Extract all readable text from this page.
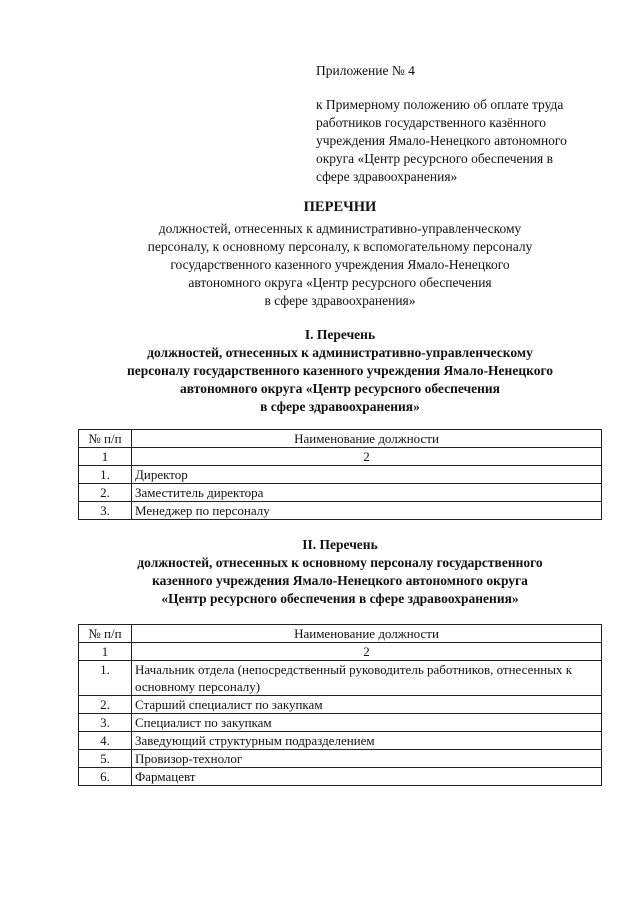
Приложение № 4
к Примерному положению об оплате труда
работников государственного казённого
учреждения Ямало-Ненецкого автономного
округа «Центр ресурсного обеспечения в
сфере здравоохранения»
ПЕРЕЧНИ
должностей, отнесенных к административно-управленческому
персоналу, к основному персоналу, к вспомогательному персоналу
государственного казенного учреждения Ямало-Ненецкого
автономного округа «Центр ресурсного обеспечения
в сфере здравоохранения»
I. Перечень
должностей, отнесенных к административно-управленческому
персоналу государственного казенного учреждения Ямало-Ненецкого
автономного округа «Центр ресурсного обеспечения
в сфере здравоохранения»
№ п/п	Наименование должности
1	2
1.	Директор
2.	Заместитель директора
3.	Менеджер по персоналу
II. Перечень
должностей, отнесенных к основному персоналу государственного
казенного учреждения Ямало-Ненецкого автономного округа
«Центр ресурсного обеспечения в сфере здравоохранения»
№ п/п	Наименование должности
1	2
1.	Начальник отдела (непосредственный руководитель работников, отнесенных к основному персоналу)
2.	Старший специалист по закупкам
3.	Специалист по закупкам
4.	Заведующий структурным подразделением
5.	Провизор-технолог
6.	Фармацевт
